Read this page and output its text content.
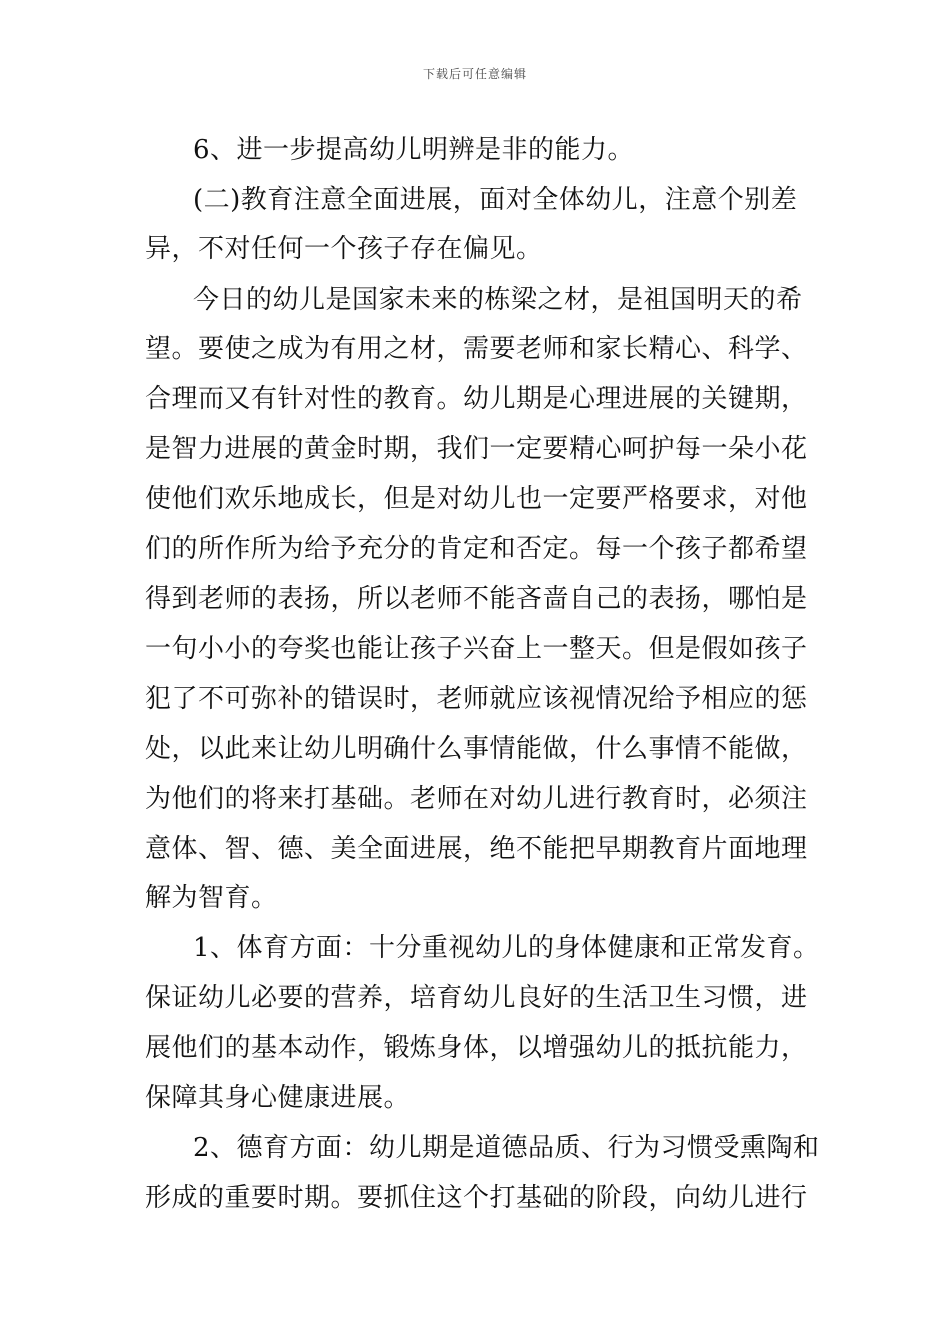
下载后可任意编辑
6、进一步提高幼儿明辨是非的能力。
(二)教育注意全面进展，面对全体幼儿，注意个别差
异，不对任何一个孩子存在偏见。
今日的幼儿是国家未来的栋梁之材，是祖国明天的希
望。要使之成为有用之材，需要老师和家长精心、科学、
合理而又有针对性的教育。幼儿期是心理进展的关键期，
是智力进展的黄金时期，我们一定要精心呵护每一朵小花
使他们欢乐地成长，但是对幼儿也一定要严格要求，对他
们的所作所为给予充分的肯定和否定。每一个孩子都希望
得到老师的表扬，所以老师不能吝啬自己的表扬，哪怕是
一句小小的夸奖也能让孩子兴奋上一整天。但是假如孩子
犯了不可弥补的错误时，老师就应该视情况给予相应的惩
处，以此来让幼儿明确什么事情能做，什么事情不能做，
为他们的将来打基础。老师在对幼儿进行教育时，必须注
意体、智、德、美全面进展，绝不能把早期教育片面地理
解为智育。
1、体育方面：十分重视幼儿的身体健康和正常发育。
保证幼儿必要的营养，培育幼儿良好的生活卫生习惯，进
展他们的基本动作，锻炼身体，以增强幼儿的抵抗能力，
保障其身心健康进展。
2、德育方面：幼儿期是道德品质、行为习惯受熏陶和
形成的重要时期。要抓住这个打基础的阶段，向幼儿进行
